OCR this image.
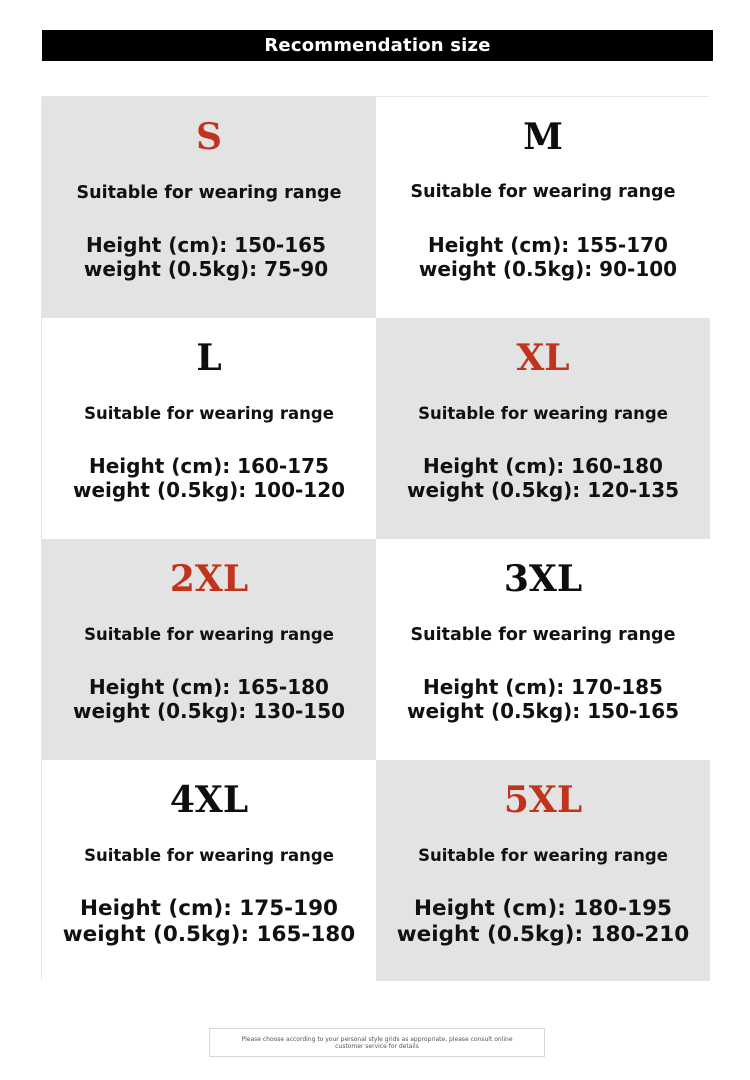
Recommendation size
S
Suitable for wearing range
Height (cm): 150-165
weight (0.5kg): 75-90
M
Suitable for wearing range
Height (cm): 155-170
weight (0.5kg): 90-100
L
Suitable for wearing range
Height (cm): 160-175
weight (0.5kg): 100-120
XL
Suitable for wearing range
Height (cm): 160-180
weight (0.5kg): 120-135
2XL
Suitable for wearing range
Height (cm): 165-180
weight (0.5kg): 130-150
3XL
Suitable for wearing range
Height (cm): 170-185
weight (0.5kg): 150-165
4XL
Suitable for wearing range
Height (cm): 175-190
weight (0.5kg): 165-180
5XL
Suitable for wearing range
Height (cm): 180-195
weight (0.5kg): 180-210
Please choose according to your personal style grids as appropriate, please consult online customer service for details
